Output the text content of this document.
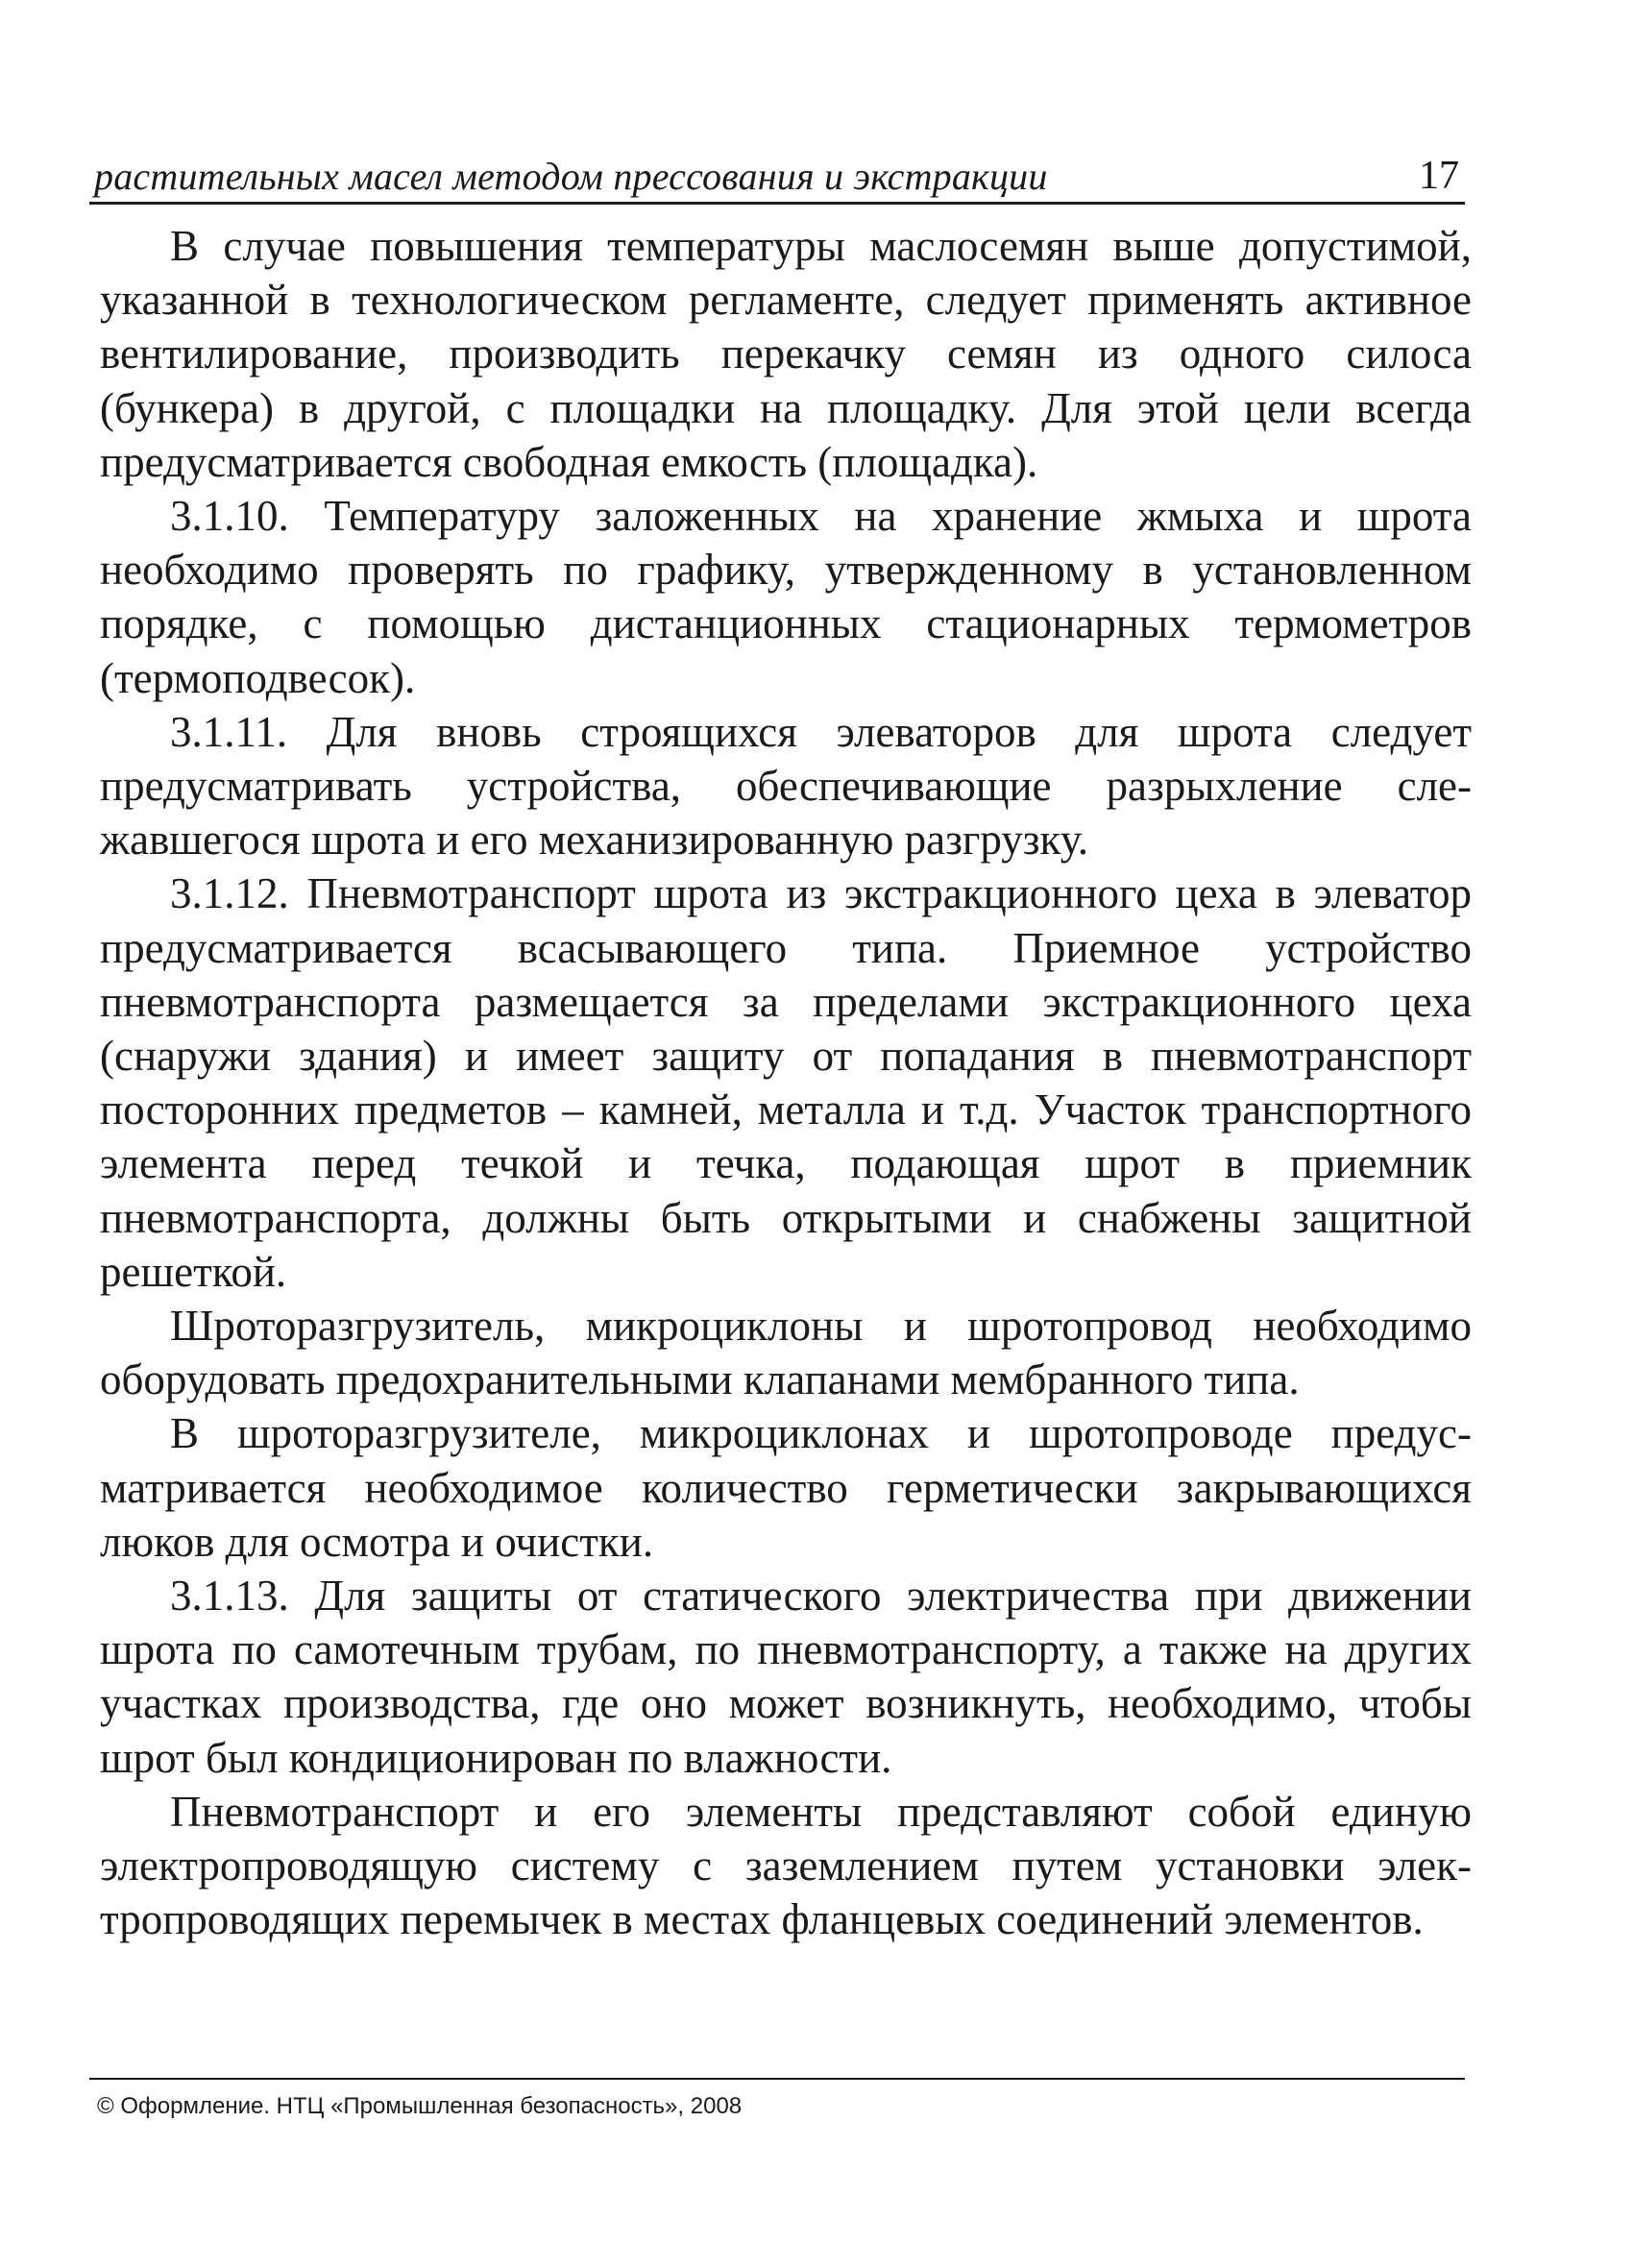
растительных масел методом прессования и экстракции	17

В случае повышения температуры маслосемян выше допустимой, указанной в технологическом регламенте, следует применять активное вентилирование, производить перекачку семян из одного силоса (бункера) в другой, с площадки на площадку. Для этой цели всегда предусматривается свободная емкость (площадка).

3.1.10. Температуру заложенных на хранение жмыха и шрота необходимо проверять по графику, утвержденному в установленном порядке, с помощью дистанционных стационарных термометров (термоподвесок).

3.1.11. Для вновь строящихся элеваторов для шрота следует предусматривать устройства, обеспечивающие разрыхление слежавшегося шрота и его механизированную разгрузку.

3.1.12. Пневмотранспорт шрота из экстракционного цеха в элеватор предусматривается всасывающего типа. Приемное устройство пневмотранспорта размещается за пределами экстракционного цеха (снаружи здания) и имеет защиту от попадания в пневмотранспорт посторонних предметов – камней, металла и т.д. Участок транспортного элемента перед течкой и течка, подающая шрот в приемник пневмотранспорта, должны быть открытыми и снабжены защитной решеткой.

Шроторазгрузитель, микроциклоны и шротопровод необходимо оборудовать предохранительными клапанами мембранного типа.

В шроторазгрузителе, микроциклонах и шротопроводе предусматривается необходимое количество герметически закрывающихся люков для осмотра и очистки.

3.1.13. Для защиты от статического электричества при движении шрота по самотечным трубам, по пневмотранспорту, а также на других участках производства, где оно может возникнуть, необходимо, чтобы шрот был кондиционирован по влажности.

Пневмотранспорт и его элементы представляют собой единую электропроводящую систему с заземлением путем установки электропроводящих перемычек в местах фланцевых соединений элементов.

© Оформление. НТЦ «Промышленная безопасность», 2008
